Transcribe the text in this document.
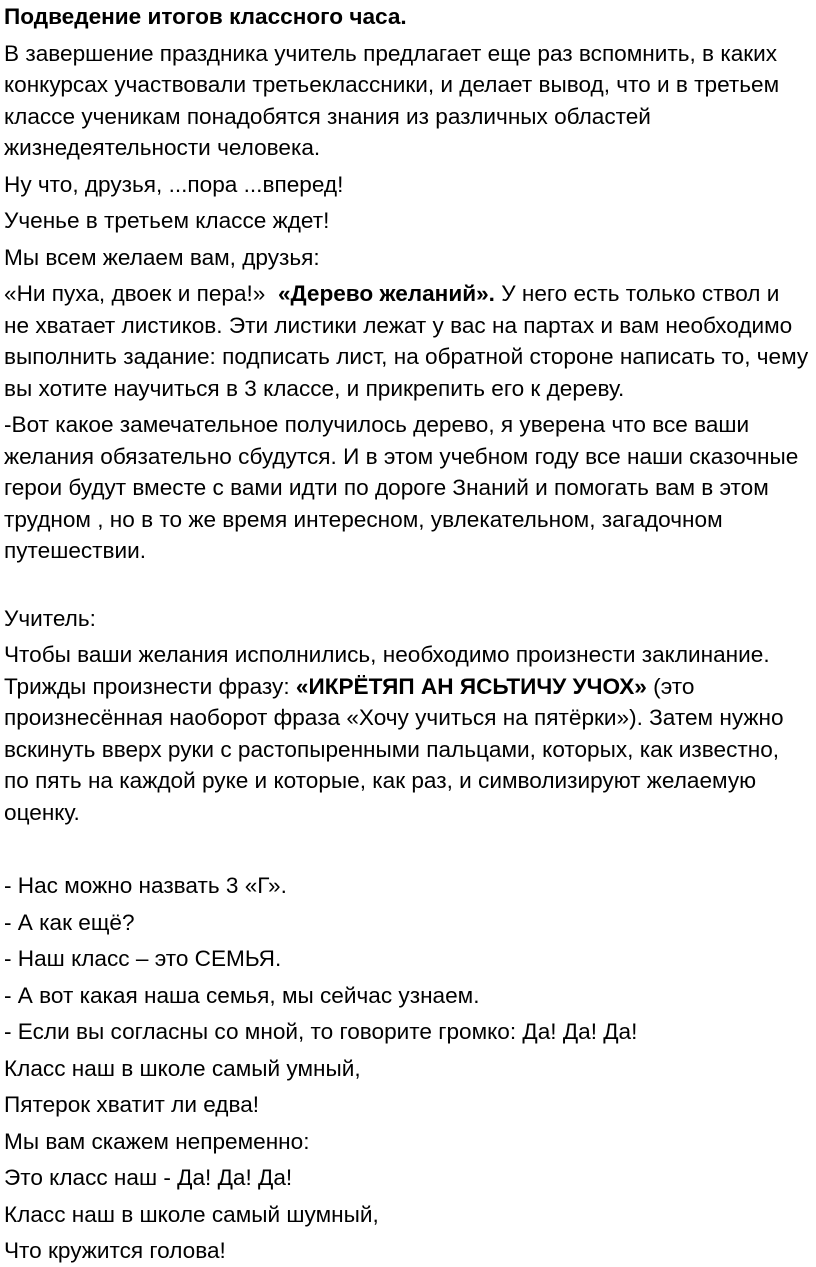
Подведение итогов классного часа.

В завершение праздника учитель предлагает еще раз вспомнить, в каких конкурсах участвовали третьеклассники, и делает вывод, что и в третьем классе ученикам понадобятся знания из различных областей жизнедеятельности человека.

Ну что, друзья, ...пора ...вперед!

Ученье в третьем классе ждет!

Мы всем желаем вам, друзья:

«Ни пуха, двоек и пера!»  «Дерево желаний». У него есть только ствол и не хватает листиков. Эти листики лежат у вас на партах и вам необходимо выполнить задание: подписать лист, на обратной стороне написать то, чему вы хотите научиться в 3 классе, и прикрепить его к дереву.

-Вот какое замечательное получилось дерево, я уверена что все ваши желания обязательно сбудутся. И в этом учебном году все наши сказочные герои будут вместе с вами идти по дороге Знаний и помогать вам в этом трудном , но в то же время интересном, увлекательном, загадочном путешествии.

Учитель:

Чтобы ваши желания исполнились, необходимо произнести заклинание. Трижды произнести фразу: «ИКРЁТЯП АН ЯСЬТИЧУ УЧОХ» (это произнесённая наоборот фраза «Хочу учиться на пятёрки»). Затем нужно вскинуть вверх руки с растопыренными пальцами, которых, как известно, по пять на каждой руке и которые, как раз, и символизируют желаемую оценку.

- Нас можно назвать 3 «Г».

- А как ещё?

- Наш класс – это СЕМЬЯ.

- А вот какая наша семья, мы сейчас узнаем.

- Если вы согласны со мной, то говорите громко: Да! Да! Да!

Класс наш в школе самый умный,

Пятерок хватит ли едва!

Мы вам скажем непременно:

Это класс наш - Да! Да! Да!

Класс наш в школе самый шумный,

Что кружится голова!
